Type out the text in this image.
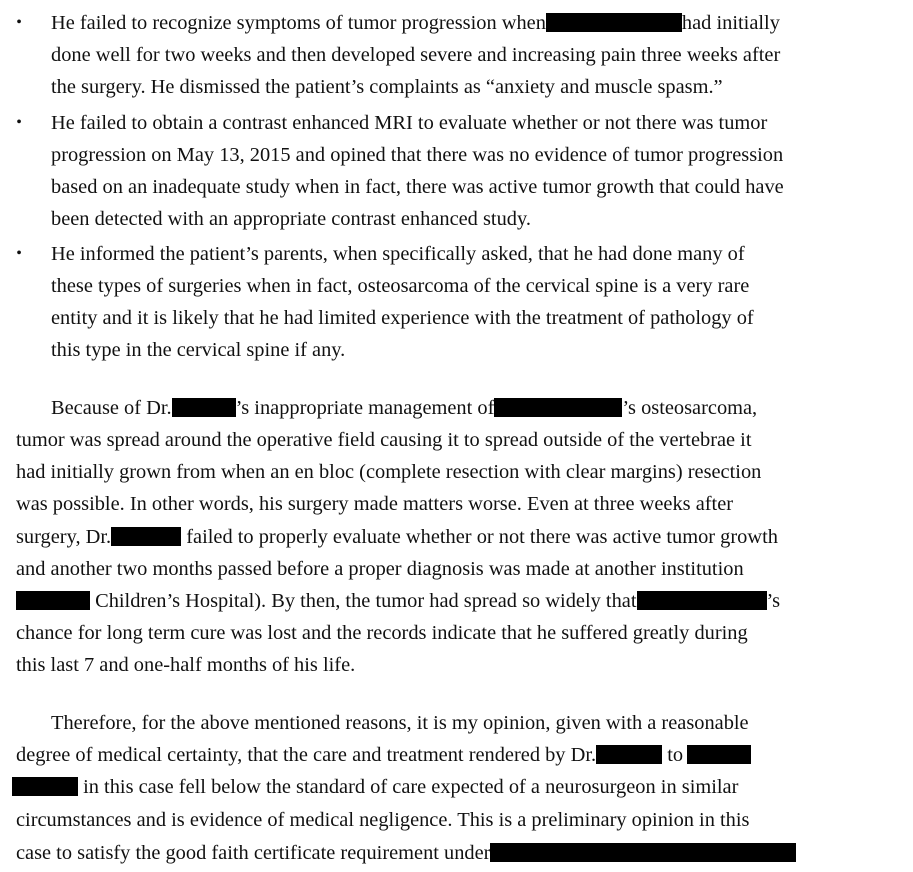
• He failed to recognize symptoms of tumor progression when	had initially
done well for two weeks and then developed severe and increasing pain three weeks after
the surgery. He dismissed the patient’s complaints as “anxiety and muscle spasm.”
• He failed to obtain a contrast enhanced MRI to evaluate whether or not there was tumor
progression on May 13, 2015 and opined that there was no evidence of tumor progression
based on an inadequate study when in fact, there was active tumor growth that could have
been detected with an appropriate contrast enhanced study.
• He informed the patient’s parents, when specifically asked, that he had done many of
these types of surgeries when in fact, osteosarcoma of the cervical spine is a very rare
entity and it is likely that he had limited experience with the treatment of pathology of
this type in the cervical spine if any.
Because of Dr.	’s inappropriate management of	’s osteosarcoma,
tumor was spread around the operative field causing it to spread outside of the vertebrae it
had initially grown from when an en bloc (complete resection with clear margins) resection
was possible. In other words, his surgery made matters worse. Even at three weeks after
surgery, Dr.	failed to properly evaluate whether or not there was active tumor growth
and another two months passed before a proper diagnosis was made at another institution
Children’s Hospital). By then, the tumor had spread so widely that	’s
chance for long term cure was lost and the records indicate that he suffered greatly during
this last 7 and one-half months of his life.
Therefore, for the above mentioned reasons, it is my opinion, given with a reasonable
degree of medical certainty, that the care and treatment rendered by Dr.	to
in this case fell below the standard of care expected of a neurosurgeon in similar
circumstances and is evidence of medical negligence. This is a preliminary opinion in this
case to satisfy the good faith certificate requirement under
